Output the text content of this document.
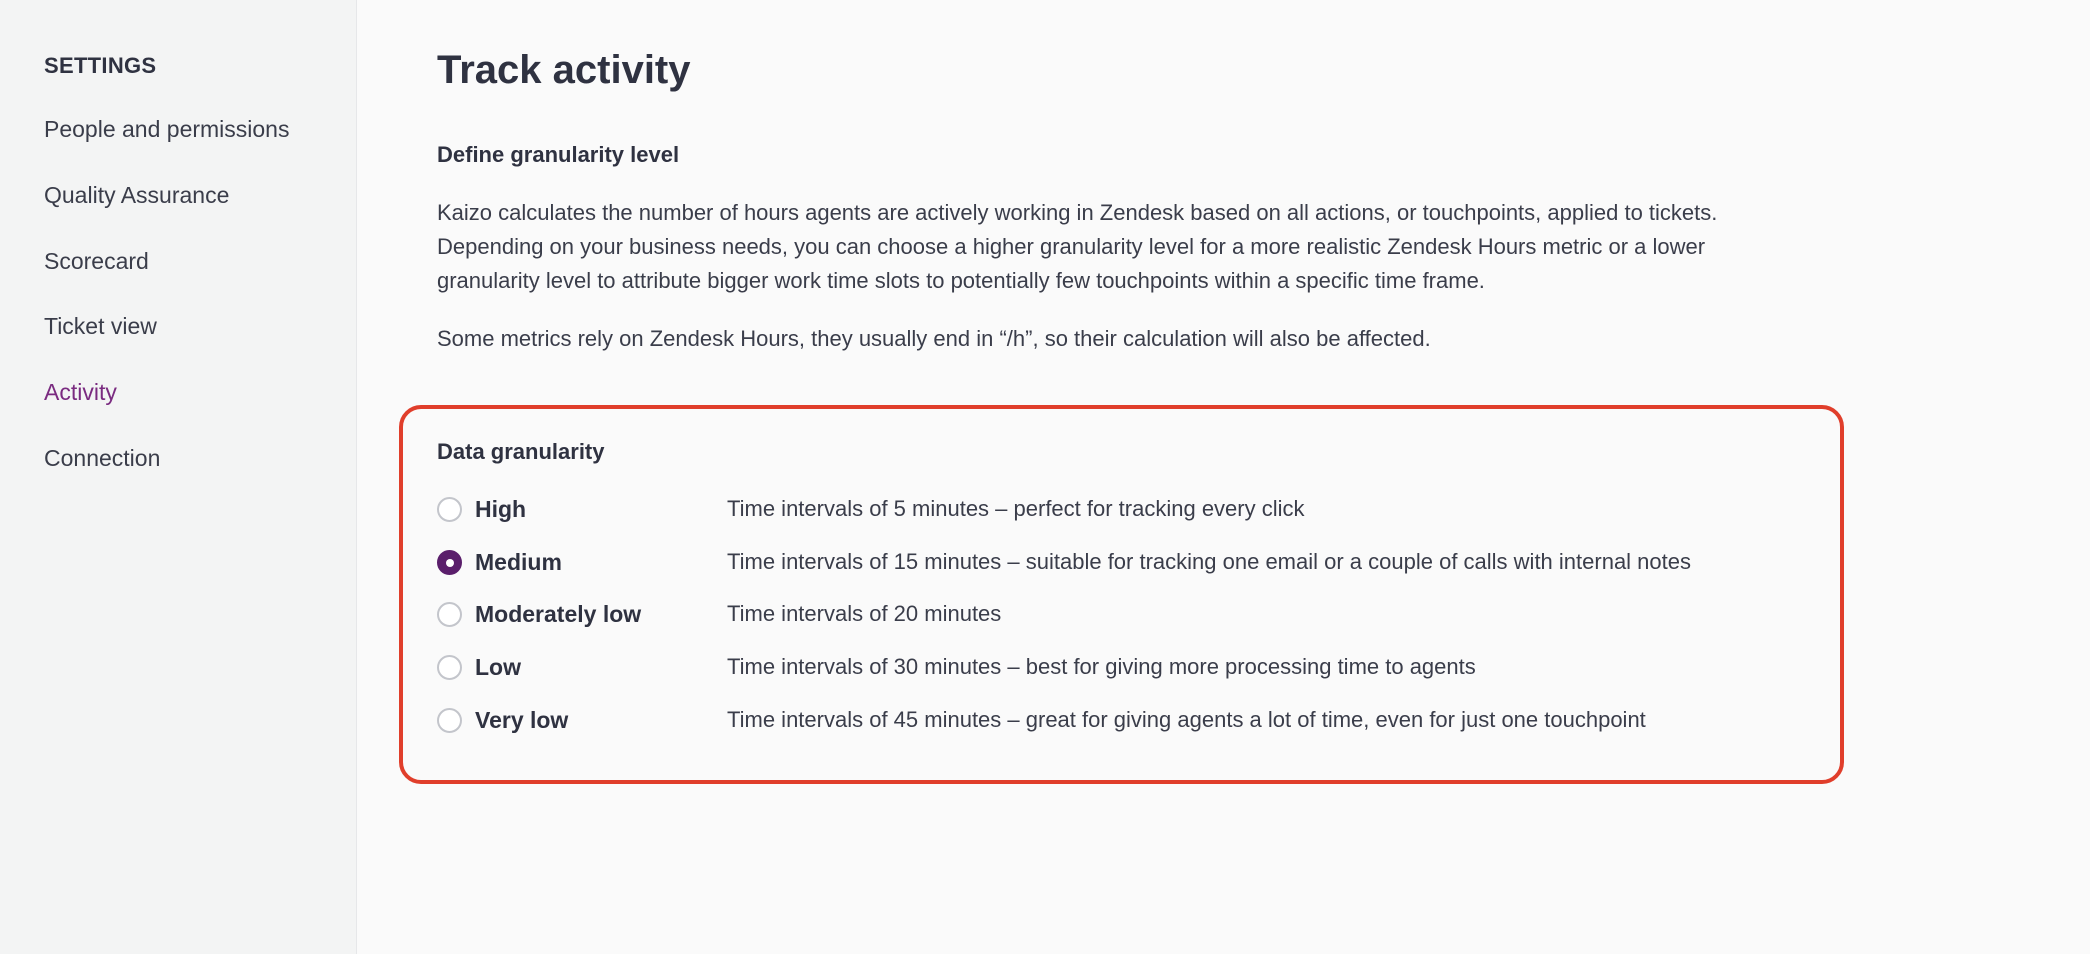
SETTINGS
People and permissions
Quality Assurance
Scorecard
Ticket view
Activity
Connection
Track activity
Define granularity level

Kaizo calculates the number of hours agents are actively working in Zendesk based on all actions, or touchpoints, applied to tickets. Depending on your business needs, you can choose a higher granularity level for a more realistic Zendesk Hours metric or a lower granularity level to attribute bigger work time slots to potentially few touchpoints within a specific time frame.

Some metrics rely on Zendesk Hours, they usually end in “/h”, so their calculation will also be affected.

Data granularity
High	Time intervals of 5 minutes – perfect for tracking every click
Medium	Time intervals of 15 minutes – suitable for tracking one email or a couple of calls with internal notes
Moderately low	Time intervals of 20 minutes
Low	Time intervals of 30 minutes – best for giving more processing time to agents
Very low	Time intervals of 45 minutes – great for giving agents a lot of time, even for just one touchpoint
